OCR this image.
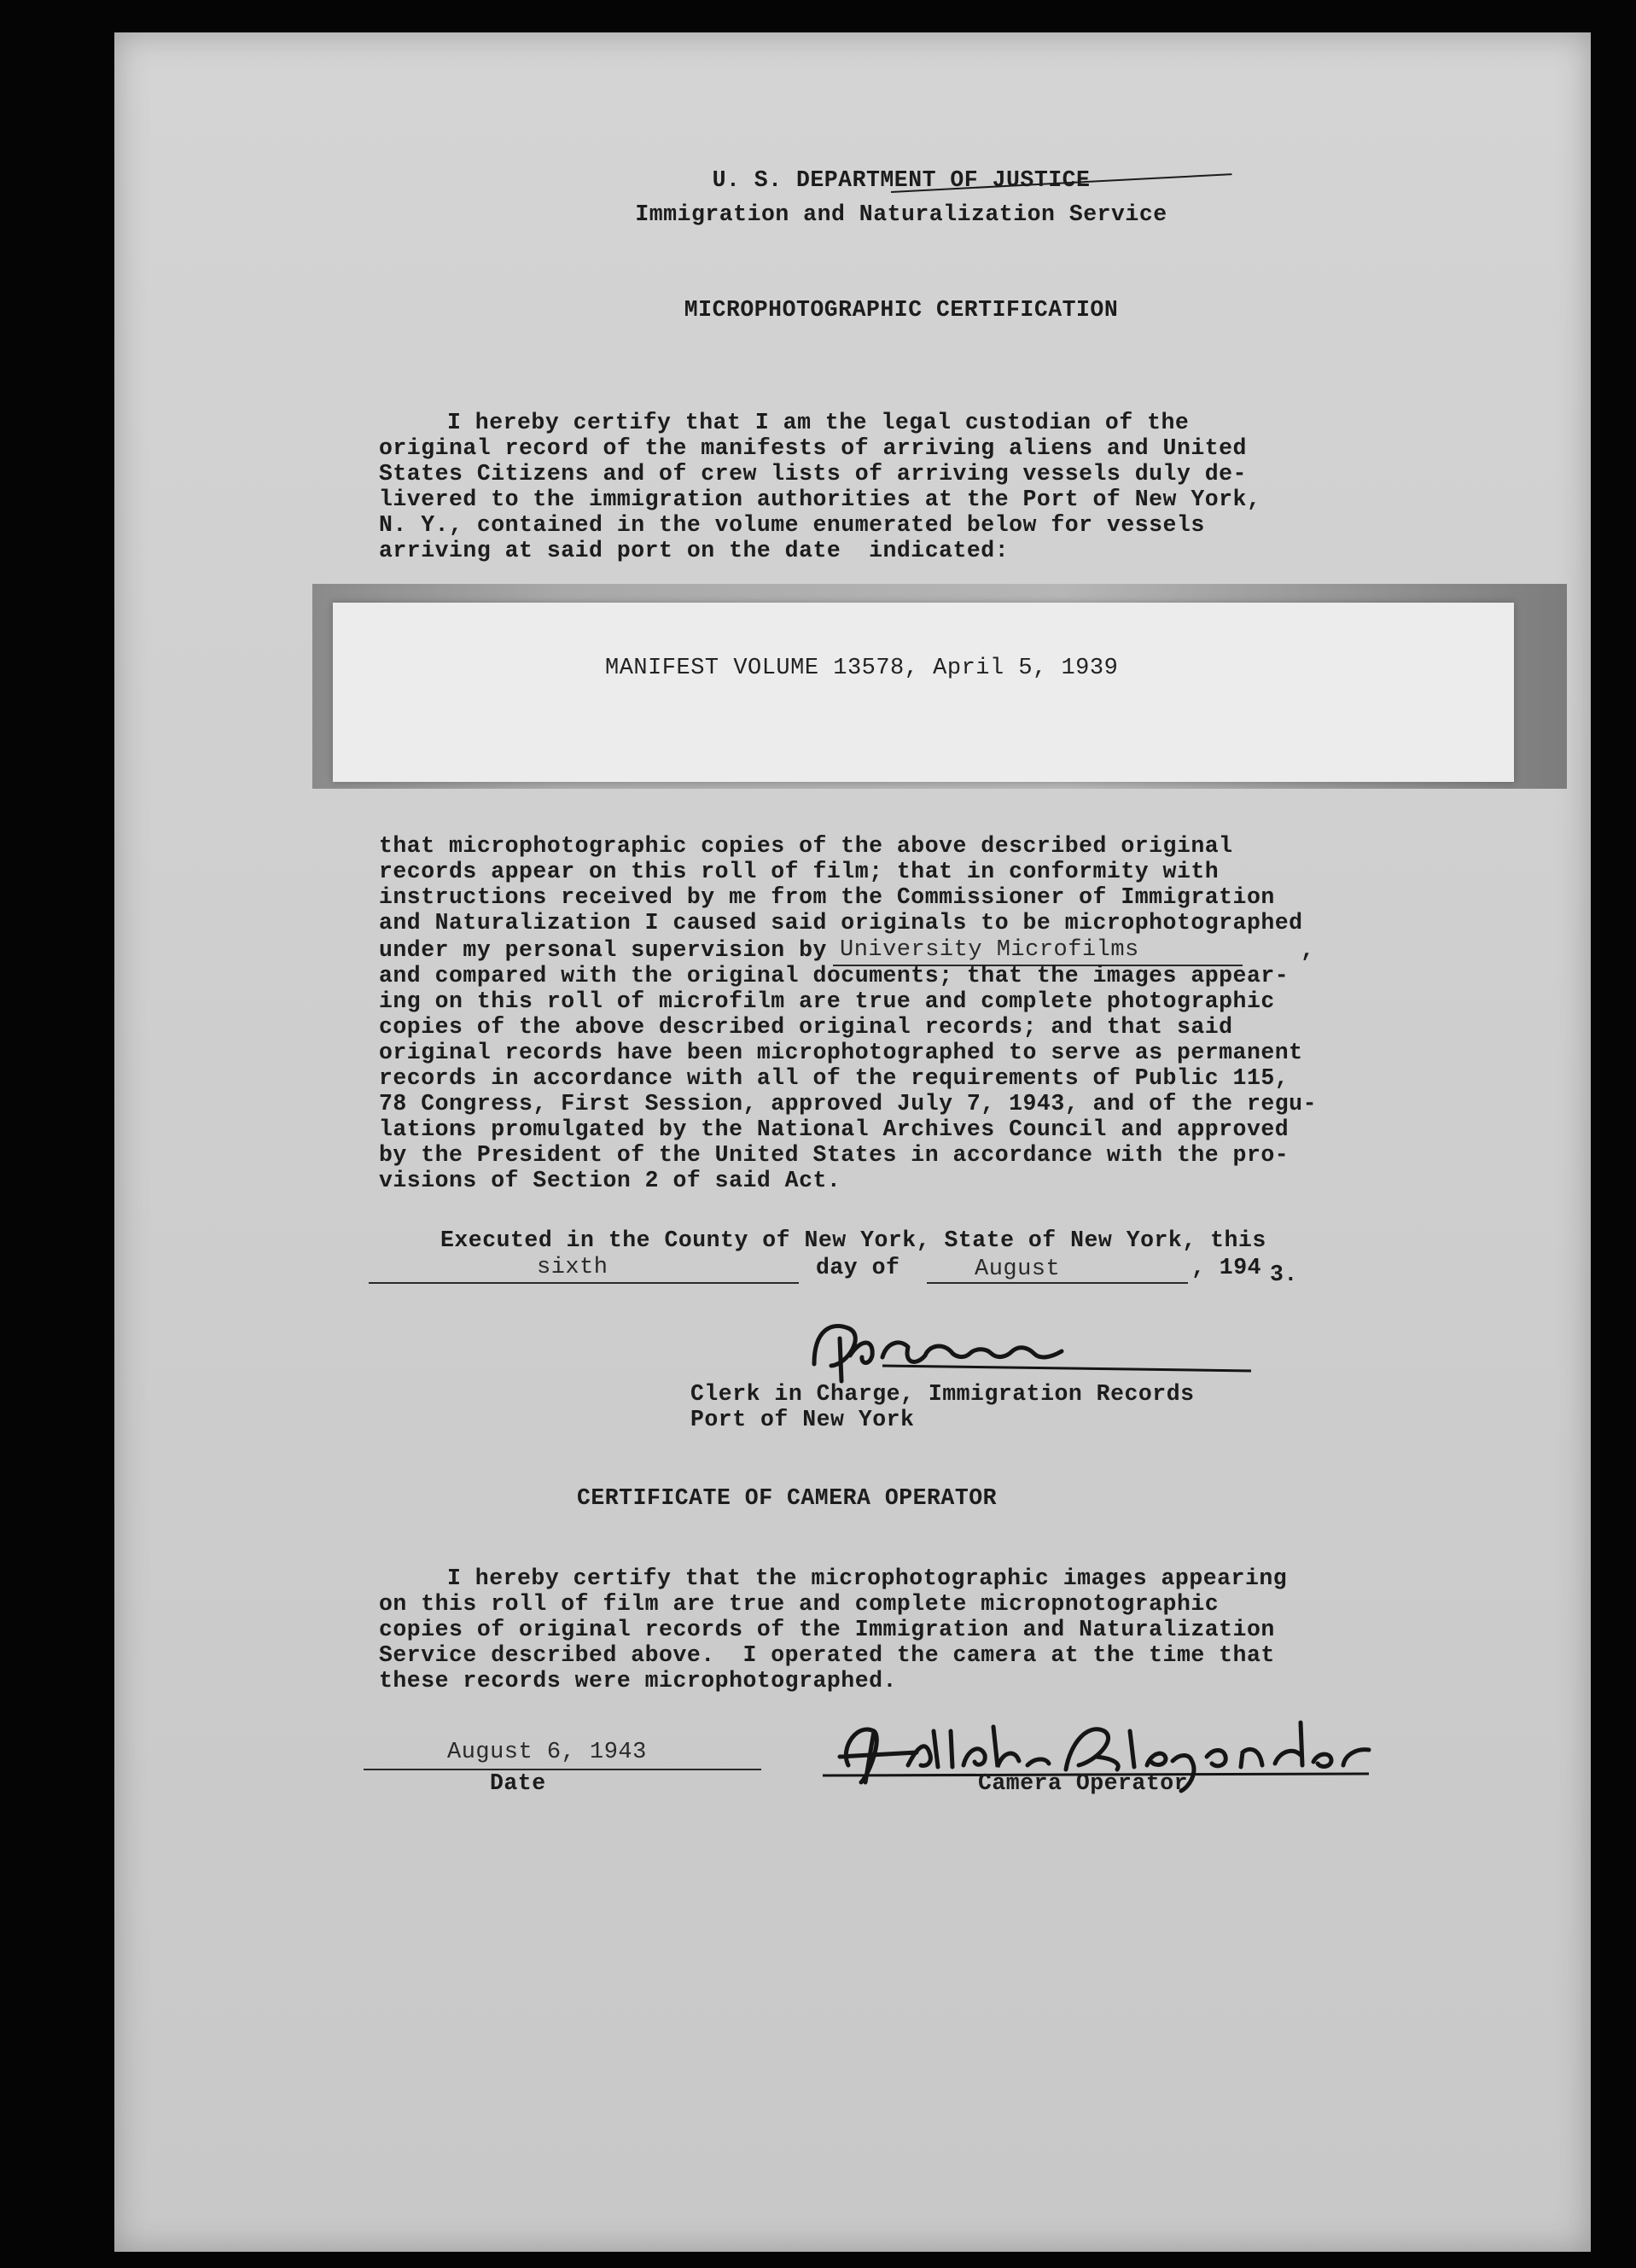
U. S. DEPARTMENT OF JUSTICE
Immigration and Naturalization Service
MICROPHOTOGRAPHIC CERTIFICATION
I hereby certify that I am the legal custodian of the
original record of the manifests of arriving aliens and United
States Citizens and of crew lists of arriving vessels duly de-
livered to the immigration authorities at the Port of New York,
N. Y., contained in the volume enumerated below for vessels
arriving at said port on the date  indicated:
MANIFEST VOLUME 13578, April 5, 1939
that microphotographic copies of the above described original
records appear on this roll of film; that in conformity with
instructions received by me from the Commissioner of Immigration
and Naturalization I caused said originals to be microphotographed
under my personal supervision by University Microfilms	,
and compared with the original documents; that the images appear-
ing on this roll of microfilm are true and complete photographic
copies of the above described original records; and that said
original records have been microphotographed to serve as permanent
records in accordance with all of the requirements of Public 115,
78 Congress, First Session, approved July 7, 1943, and of the regu-
lations promulgated by the National Archives Council and approved
by the President of the United States in accordance with the pro-
visions of Section 2 of said Act.
Executed in the County of New York, State of New York, this
sixth	day of	August	, 194 3.
Clerk in Charge, Immigration Records
Port of New York
CERTIFICATE OF CAMERA OPERATOR
I hereby certify that the microphotographic images appearing
on this roll of film are true and complete micropnotographic
copies of original records of the Immigration and Naturalization
Service described above.  I operated the camera at the time that
these records were microphotographed.
August 6, 1943
Date	Camera Operator
